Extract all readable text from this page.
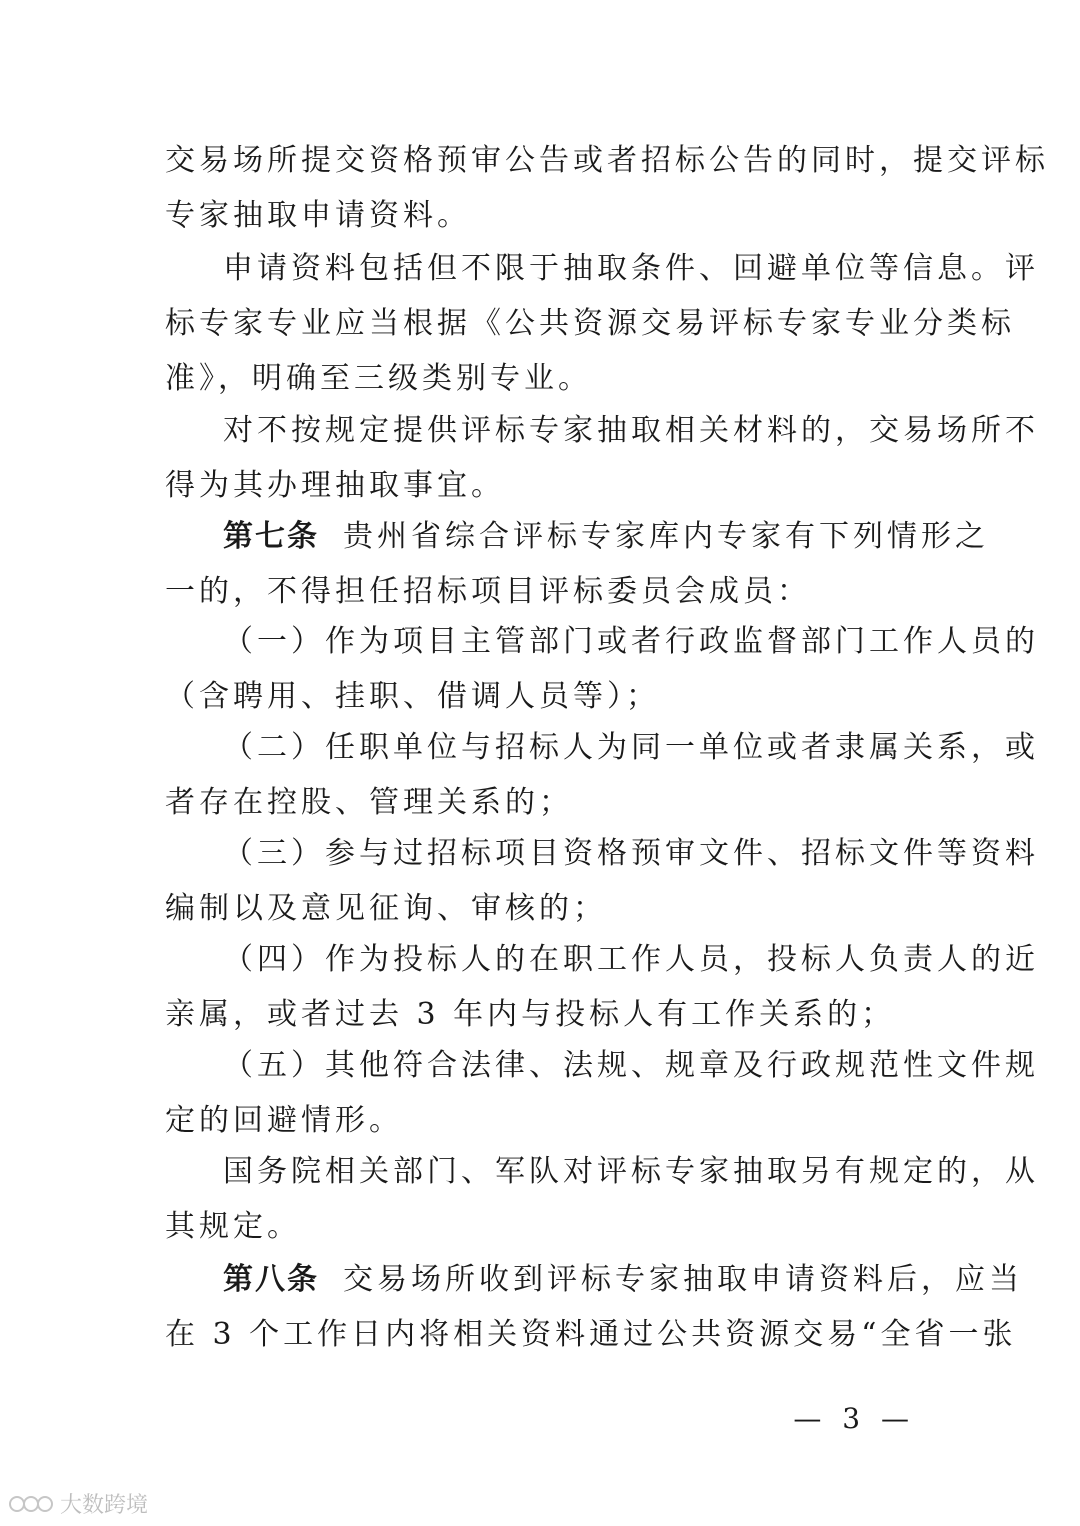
交易场所提交资格预审公告或者招标公告的同时，提交评标
专家抽取申请资料。
申请资料包括但不限于抽取条件、回避单位等信息。评
标专家专业应当根据《公共资源交易评标专家专业分类标
准》，明确至三级类别专业。
对不按规定提供评标专家抽取相关材料的，交易场所不
得为其办理抽取事宜。
第七条 贵州省综合评标专家库内专家有下列情形之
一的，不得担任招标项目评标委员会成员：
（一）作为项目主管部门或者行政监督部门工作人员的
（含聘用、挂职、借调人员等）；
（二）任职单位与招标人为同一单位或者隶属关系，或
者存在控股、管理关系的；
（三）参与过招标项目资格预审文件、招标文件等资料
编制以及意见征询、审核的；
（四）作为投标人的在职工作人员，投标人负责人的近
亲属，或者过去 3 年内与投标人有工作关系的；
（五）其他符合法律、法规、规章及行政规范性文件规
定的回避情形。
国务院相关部门、军队对评标专家抽取另有规定的，从
其规定。
第八条 交易场所收到评标专家抽取申请资料后，应当
在 3 个工作日内将相关资料通过公共资源交易“全省一张
— 3 —
大数跨境
